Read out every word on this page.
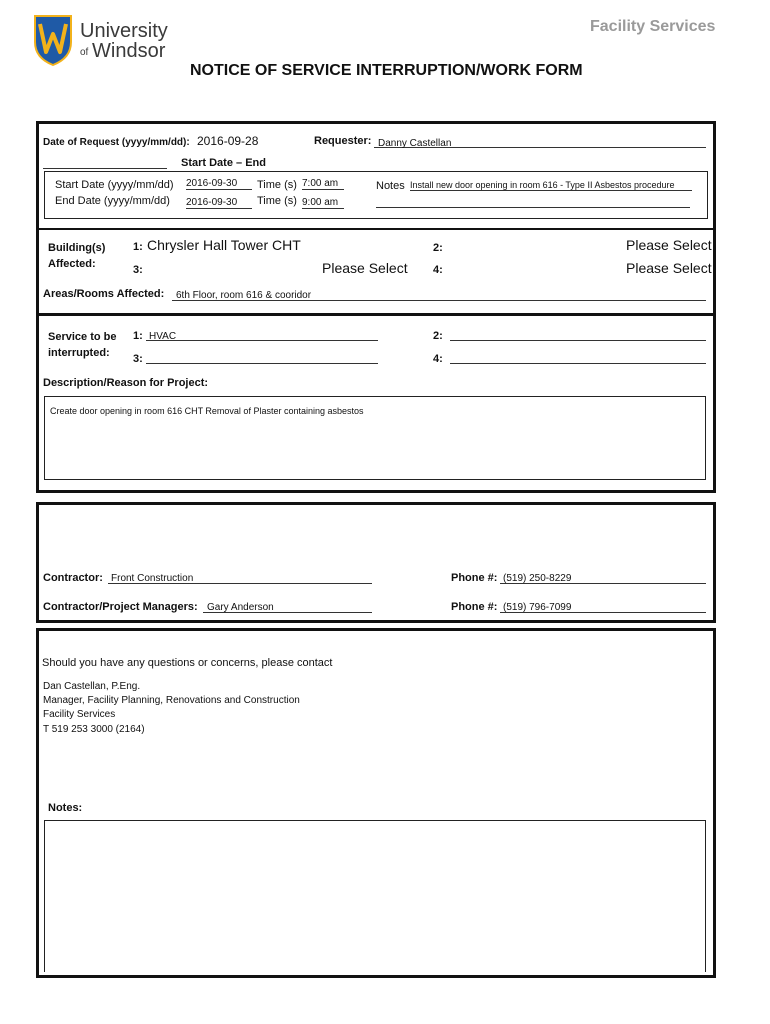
University
of Windsor
Facility Services
NOTICE OF SERVICE INTERRUPTION/WORK FORM
Date of Request (yyyy/mm/dd): 2016-09-28	Requester: Danny Castellan
Start Date – End
Start Date (yyyy/mm/dd) 2016-09-30	Time (s) 7:00 am
End Date (yyyy/mm/dd) 2016-09-30	Time (s) 9:00 am
Notes Install new door opening in room 616 - Type II Asbestos procedure
Building(s)
Affected:
1: Chrysler Hall Tower CHT	2:	Please Select
3:	Please Select 4:	Please Select
Areas/Rooms Affected: 6th Floor, room 616 & cooridor
Service to be
interrupted:
1: HVAC	2:
3:	4:
Description/Reason for Project:
Create door opening in room 616 CHT Removal of Plaster containing asbestos
Contractor: Front Construction	Phone #: (519) 250-8229
Contractor/Project Managers: Gary Anderson	Phone #: (519) 796-7099
Should you have any questions or concerns, please contact
Dan Castellan, P.Eng.
Manager, Facility Planning, Renovations and Construction
Facility Services
T 519 253 3000 (2164)
Notes:
